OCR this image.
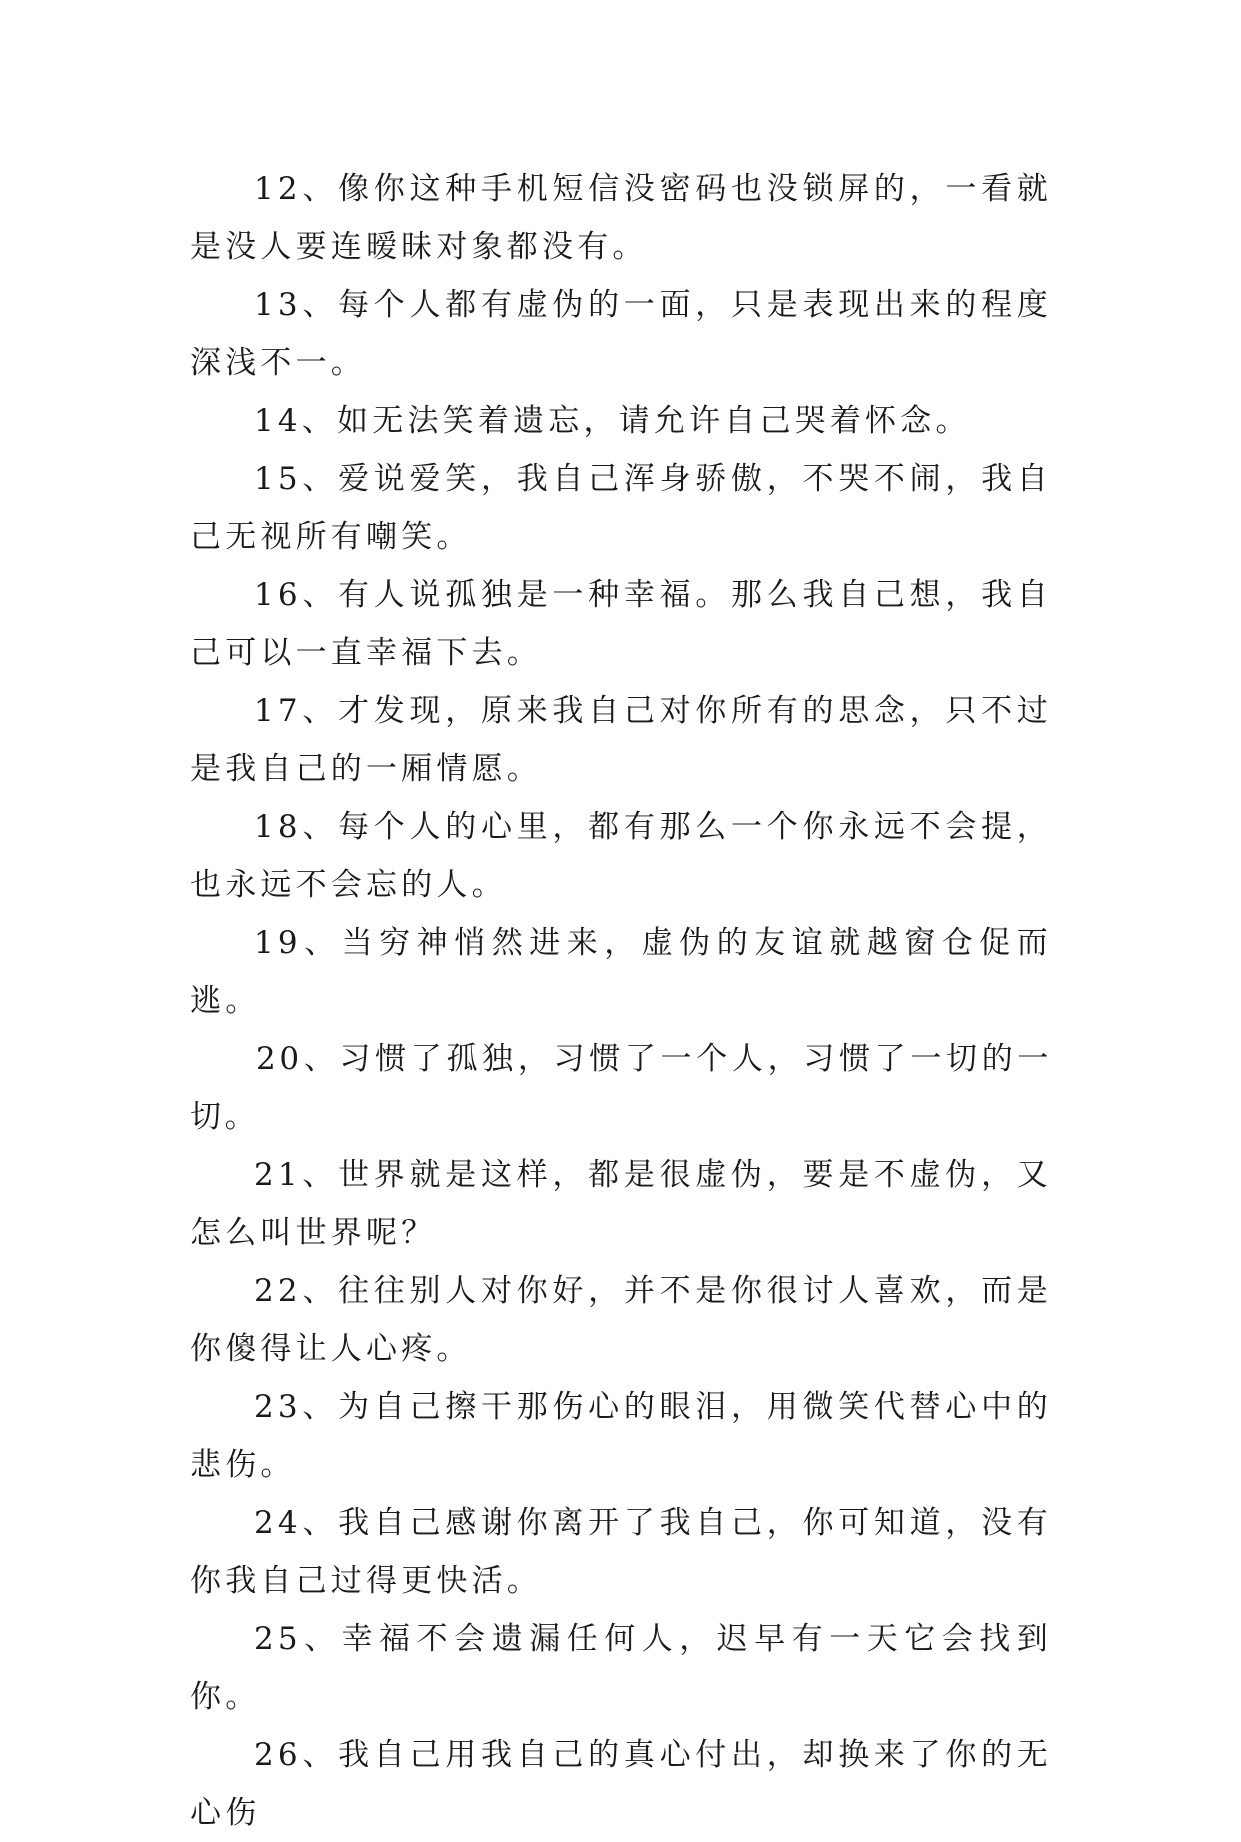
12、像你这种手机短信没密码也没锁屏的，一看就是没人要连暧昧对象都没有。

13、每个人都有虚伪的一面，只是表现出来的程度深浅不一。

14、如无法笑着遗忘，请允许自己哭着怀念。

15、爱说爱笑，我自己浑身骄傲，不哭不闹，我自己无视所有嘲笑。

16、有人说孤独是一种幸福。那么我自己想，我自己可以一直幸福下去。

17、才发现，原来我自己对你所有的思念，只不过是我自己的一厢情愿。

18、每个人的心里，都有那么一个你永远不会提，也永远不会忘的人。

19、当穷神悄然进来，虚伪的友谊就越窗仓促而逃。

20、习惯了孤独，习惯了一个人，习惯了一切的一切。

21、世界就是这样，都是很虚伪，要是不虚伪，又怎么叫世界呢？

22、往往别人对你好，并不是你很讨人喜欢，而是你傻得让人心疼。

23、为自己擦干那伤心的眼泪，用微笑代替心中的悲伤。

24、我自己感谢你离开了我自己，你可知道，没有你我自己过得更快活。

25、幸福不会遗漏任何人，迟早有一天它会找到你。

26、我自己用我自己的真心付出，却换来了你的无心伤
